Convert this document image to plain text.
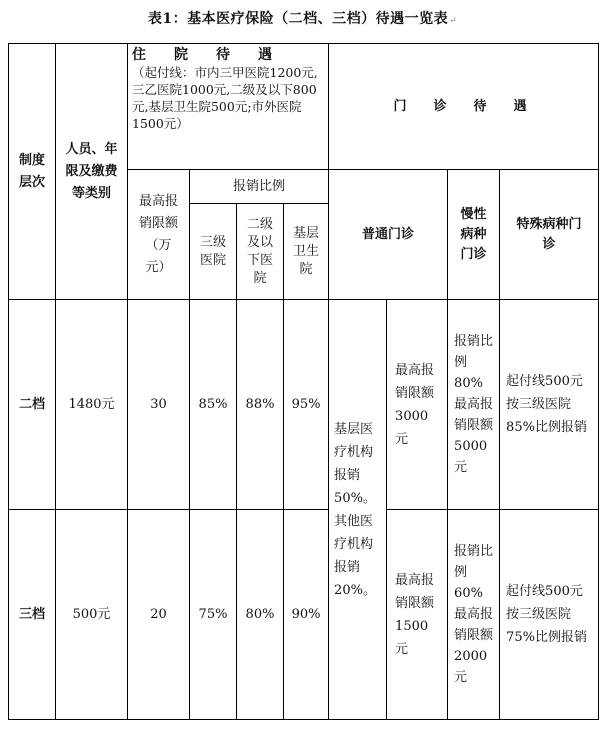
表1：基本医疗保险（二档、三档）待遇一览表↵
制度层次	人员、年限及缴费等类别	住　院　待　遇
（起付线：市内三甲医院1200元,三乙医院1000元,二级及以下800元,基层卫生院500元;市外医院1500元）				门　诊　待　遇			
		最高报销限额（万元）	报销比例			普通门诊		慢性病种门诊	特殊病种门诊
			三级医院	二级及以下医院	基层卫生院				
二档	1480元	30	85%	88%	95%	基层医疗机构报销50%。其他医疗机构报销20%。	最高报销限额3000元	报销比例80%最高报销限额5000元	起付线500元按三级医院85%比例报销
三档	500元	20	75%	80%	90%		最高报销限额1500元	报销比例60%最高报销限额2000元	起付线500元按三级医院75%比例报销
